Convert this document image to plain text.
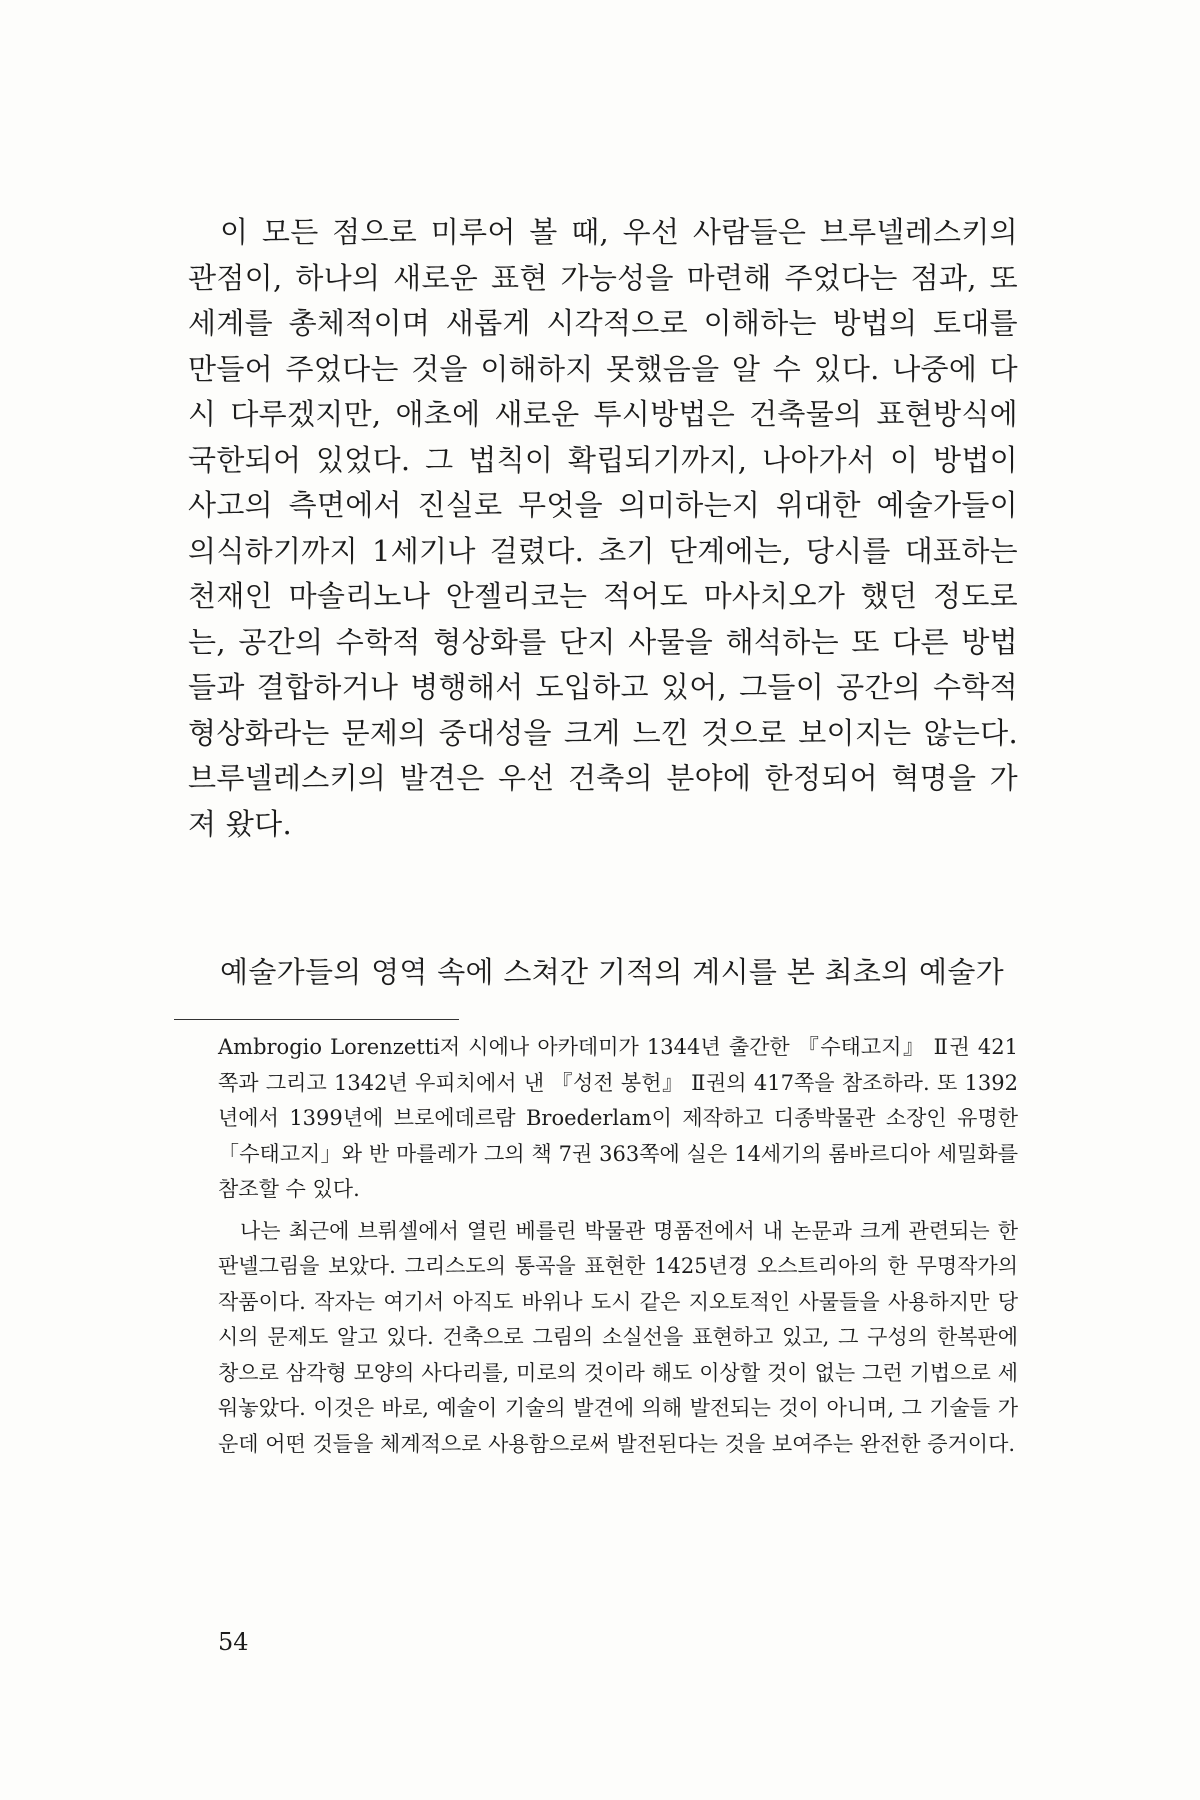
이 모든 점으로 미루어 볼 때, 우선 사람들은 브루넬레스키의 관점이, 하나의 새로운 표현 가능성을 마련해 주었다는 점과, 또 세계를 총체적이며 새롭게 시각적으로 이해하는 방법의 토대를 만들어 주었다는 것을 이해하지 못했음을 알 수 있다. 나중에 다시 다루겠지만, 애초에 새로운 투시방법은 건축물의 표현방식에 국한되어 있었다. 그 법칙이 확립되기까지, 나아가서 이 방법이 사고의 측면에서 진실로 무엇을 의미하는지 위대한 예술가들이 의식하기까지 1세기나 걸렸다. 초기 단계에는, 당시를 대표하는 천재인 마솔리노나 안젤리코는 적어도 마사치오가 했던 정도로는, 공간의 수학적 형상화를 단지 사물을 해석하는 또 다른 방법들과 결합하거나 병행해서 도입하고 있어, 그들이 공간의 수학적 형상화라는 문제의 중대성을 크게 느낀 것으로 보이지는 않는다. 브루넬레스키의 발견은 우선 건축의 분야에 한정되어 혁명을 가져 왔다.

예술가들의 영역 속에 스쳐간 기적의 계시를 본 최초의 예술가

Ambrogio Lorenzetti저 시에나 아카데미가 1344년 출간한 『수태고지』 Ⅱ권 421쪽과 그리고 1342년 우피치에서 낸 『성전 봉헌』 Ⅱ권의 417쪽을 참조하라. 또 1392년에서 1399년에 브로에데르람 Broederlam이 제작하고 디종박물관 소장인 유명한 「수태고지」와 반 마를레가 그의 책 7권 363쪽에 실은 14세기의 롬바르디아 세밀화를 참조할 수 있다.

나는 최근에 브뤼셀에서 열린 베를린 박물관 명품전에서 내 논문과 크게 관련되는 한 판넬그림을 보았다. 그리스도의 통곡을 표현한 1425년경 오스트리아의 한 무명작가의 작품이다. 작자는 여기서 아직도 바위나 도시 같은 지오토적인 사물들을 사용하지만 당시의 문제도 알고 있다. 건축으로 그림의 소실선을 표현하고 있고, 그 구성의 한복판에 창으로 삼각형 모양의 사다리를, 미로의 것이라 해도 이상할 것이 없는 그런 기법으로 세워놓았다. 이것은 바로, 예술이 기술의 발견에 의해 발전되는 것이 아니며, 그 기술들 가운데 어떤 것들을 체계적으로 사용함으로써 발전된다는 것을 보여주는 완전한 증거이다.

54
